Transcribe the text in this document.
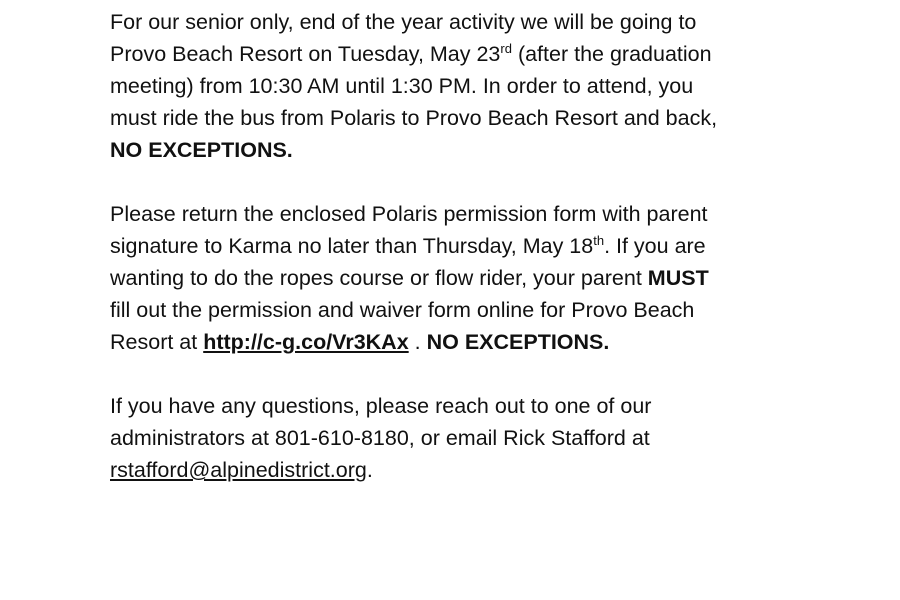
For our senior only, end of the year activity we will be going to
Provo Beach Resort on Tuesday, May 23rd (after the graduation
meeting) from 10:30 AM until 1:30 PM. In order to attend, you
must ride the bus from Polaris to Provo Beach Resort and back,
NO EXCEPTIONS.

Please return the enclosed Polaris permission form with parent
signature to Karma no later than Thursday, May 18th. If you are
wanting to do the ropes course or flow rider, your parent MUST
fill out the permission and waiver form online for Provo Beach
Resort at http://c-g.co/Vr3KAx . NO EXCEPTIONS.

If you have any questions, please reach out to one of our
administrators at 801-610-8180, or email Rick Stafford at
rstafford@alpinedistrict.org.
